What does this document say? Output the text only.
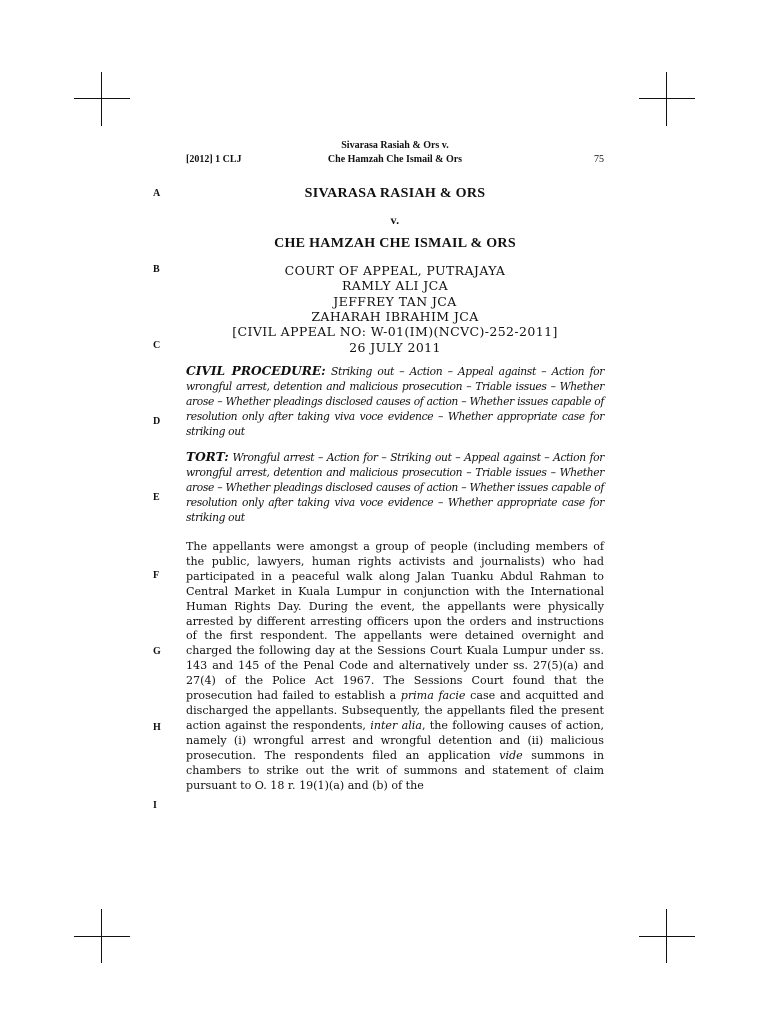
[2012] 1 CLJ
Sivarasa Rasiah & Ors v.
Che Hamzah Che Ismail & Ors	75
A
B
C
D
E
F
G
H
I
SIVARASA RASIAH & ORS
v.
CHE HAMZAH CHE ISMAIL & ORS
COURT OF APPEAL, PUTRAJAYA
RAMLY ALI JCA
JEFFREY TAN JCA
ZAHARAH IBRAHIM JCA
[CIVIL APPEAL NO: W-01(IM)(NCVC)-252-2011]
26 JULY 2011
CIVIL PROCEDURE: Striking out – Action – Appeal against – Action for wrongful arrest, detention and malicious prosecution – Triable issues – Whether arose – Whether pleadings disclosed causes of action – Whether issues capable of resolution only after taking viva voce evidence – Whether appropriate case for striking out
TORT: Wrongful arrest – Action for – Striking out – Appeal against – Action for wrongful arrest, detention and malicious prosecution – Triable issues – Whether arose – Whether pleadings disclosed causes of action – Whether issues capable of resolution only after taking viva voce evidence – Whether appropriate case for striking out
The appellants were amongst a group of people (including members of the public, lawyers, human rights activists and journalists) who had participated in a peaceful walk along Jalan Tuanku Abdul Rahman to Central Market in Kuala Lumpur in conjunction with the International Human Rights Day. During the event, the appellants were physically arrested by different arresting officers upon the orders and instructions of the first respondent. The appellants were detained overnight and charged the following day at the Sessions Court Kuala Lumpur under ss. 143 and 145 of the Penal Code and alternatively under ss. 27(5)(a) and 27(4) of the Police Act 1967. The Sessions Court found that the prosecution had failed to establish a prima facie case and acquitted and discharged the appellants. Subsequently, the appellants filed the present action against the respondents, inter alia, the following causes of action, namely (i) wrongful arrest and wrongful detention and (ii) malicious prosecution. The respondents filed an application vide summons in chambers to strike out the writ of summons and statement of claim pursuant to O. 18 r. 19(1)(a) and (b) of the
